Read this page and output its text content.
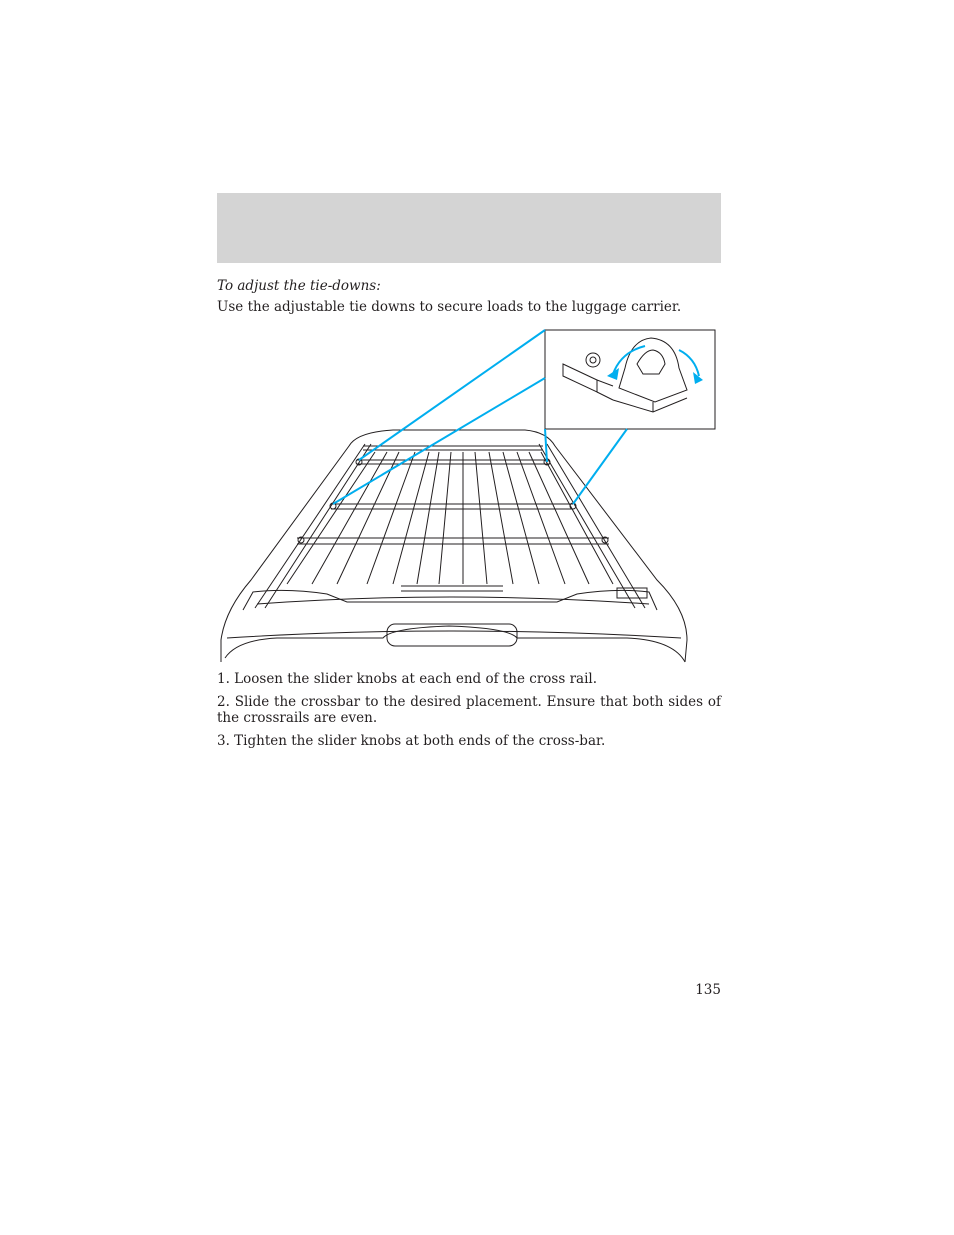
To adjust the tie-downs:
Use the adjustable tie downs to secure loads to the luggage carrier.
1. Loosen the slider knobs at each end of the cross rail.
2. Slide the crossbar to the desired placement. Ensure that both sides of the crossrails are even.
3. Tighten the slider knobs at both ends of the cross-bar.
135
